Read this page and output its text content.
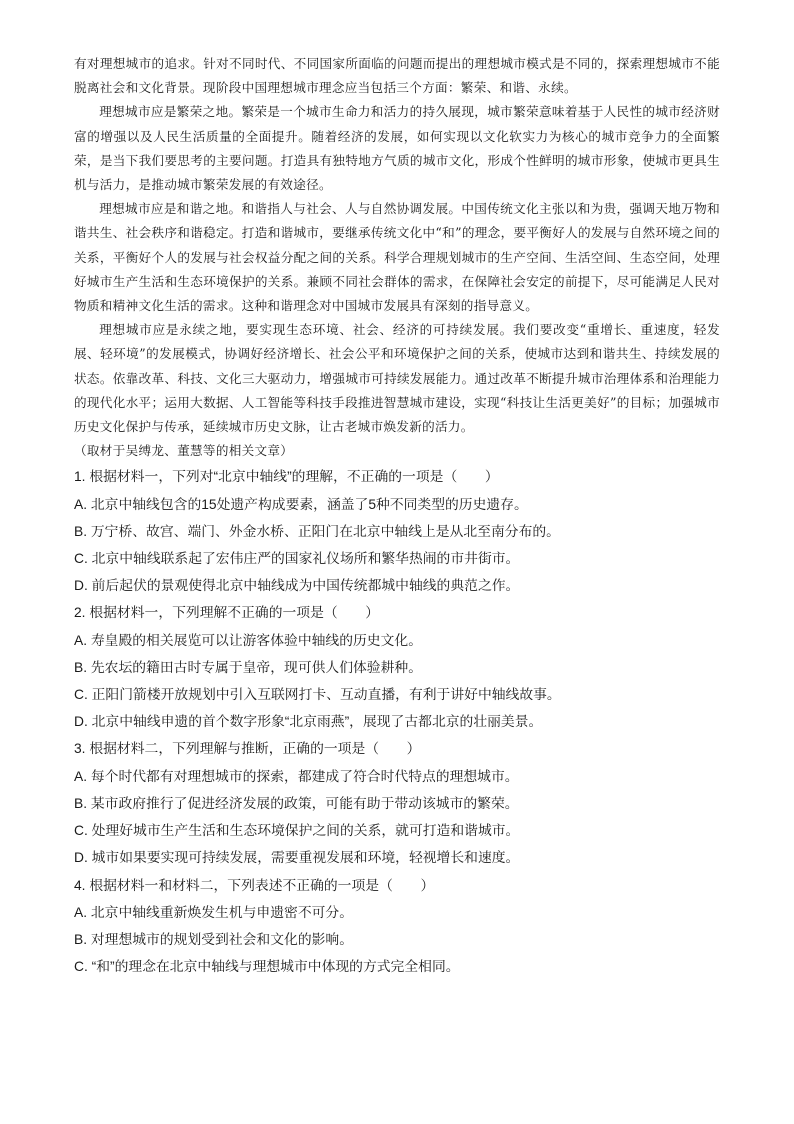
有对理想城市的追求。针对不同时代、不同国家所面临的问题而提出的理想城市模式是不同的，探索理想城市不能脱离社会和文化背景。现阶段中国理想城市理念应当包括三个方面：繁荣、和谐、永续。

理想城市应是繁荣之地。繁荣是一个城市生命力和活力的持久展现，城市繁荣意味着基于人民性的城市经济财富的增强以及人民生活质量的全面提升。随着经济的发展，如何实现以文化软实力为核心的城市竞争力的全面繁荣，是当下我们要思考的主要问题。打造具有独特地方气质的城市文化，形成个性鲜明的城市形象，使城市更具生机与活力，是推动城市繁荣发展的有效途径。

理想城市应是和谐之地。和谐指人与社会、人与自然协调发展。中国传统文化主张以和为贵，强调天地万物和谐共生、社会秩序和谐稳定。打造和谐城市，要继承传统文化中“和”的理念，要平衡好人的发展与自然环境之间的关系，平衡好个人的发展与社会权益分配之间的关系。科学合理规划城市的生产空间、生活空间、生态空间，处理好城市生产生活和生态环境保护的关系。兼顾不同社会群体的需求，在保障社会安定的前提下，尽可能满足人民对物质和精神文化生活的需求。这种和谐理念对中国城市发展具有深刻的指导意义。

理想城市应是永续之地，要实现生态环境、社会、经济的可持续发展。我们要改变“重增长、重速度，轻发展、轻环境”的发展模式，协调好经济增长、社会公平和环境保护之间的关系，使城市达到和谐共生、持续发展的状态。依靠改革、科技、文化三大驱动力，增强城市可持续发展能力。通过改革不断提升城市治理体系和治理能力的现代化水平；运用大数据、人工智能等科技手段推进智慧城市建设，实现“科技让生活更美好”的目标；加强城市历史文化保护与传承，延续城市历史文脉，让古老城市焕发新的活力。

（取材于吴缚龙、董慧等的相关文章）

1. 根据材料一，下列对“北京中轴线”的理解，不正确的一项是（　　）

A. 北京中轴线包含的15处遗产构成要素，涵盖了5种不同类型的历史遗存。

B. 万宁桥、故宫、端门、外金水桥、正阳门在北京中轴线上是从北至南分布的。

C. 北京中轴线联系起了宏伟庄严的国家礼仪场所和繁华热闹的市井街市。

D. 前后起伏的景观使得北京中轴线成为中国传统都城中轴线的典范之作。

2. 根据材料一，下列理解不正确的一项是（　　）

A. 寿皇殿的相关展览可以让游客体验中轴线的历史文化。

B. 先农坛的籍田古时专属于皇帝，现可供人们体验耕种。

C. 正阳门箭楼开放规划中引入互联网打卡、互动直播，有利于讲好中轴线故事。

D. 北京中轴线申遗的首个数字形象“北京雨燕”，展现了古都北京的壮丽美景。

3. 根据材料二，下列理解与推断，正确的一项是（　　）

A. 每个时代都有对理想城市的探索，都建成了符合时代特点的理想城市。

B. 某市政府推行了促进经济发展的政策，可能有助于带动该城市的繁荣。

C. 处理好城市生产生活和生态环境保护之间的关系，就可打造和谐城市。

D. 城市如果要实现可持续发展，需要重视发展和环境，轻视增长和速度。

4. 根据材料一和材料二，下列表述不正确的一项是（　　）

A. 北京中轴线重新焕发生机与申遗密不可分。

B. 对理想城市的规划受到社会和文化的影响。

C. “和”的理念在北京中轴线与理想城市中体现的方式完全相同。
